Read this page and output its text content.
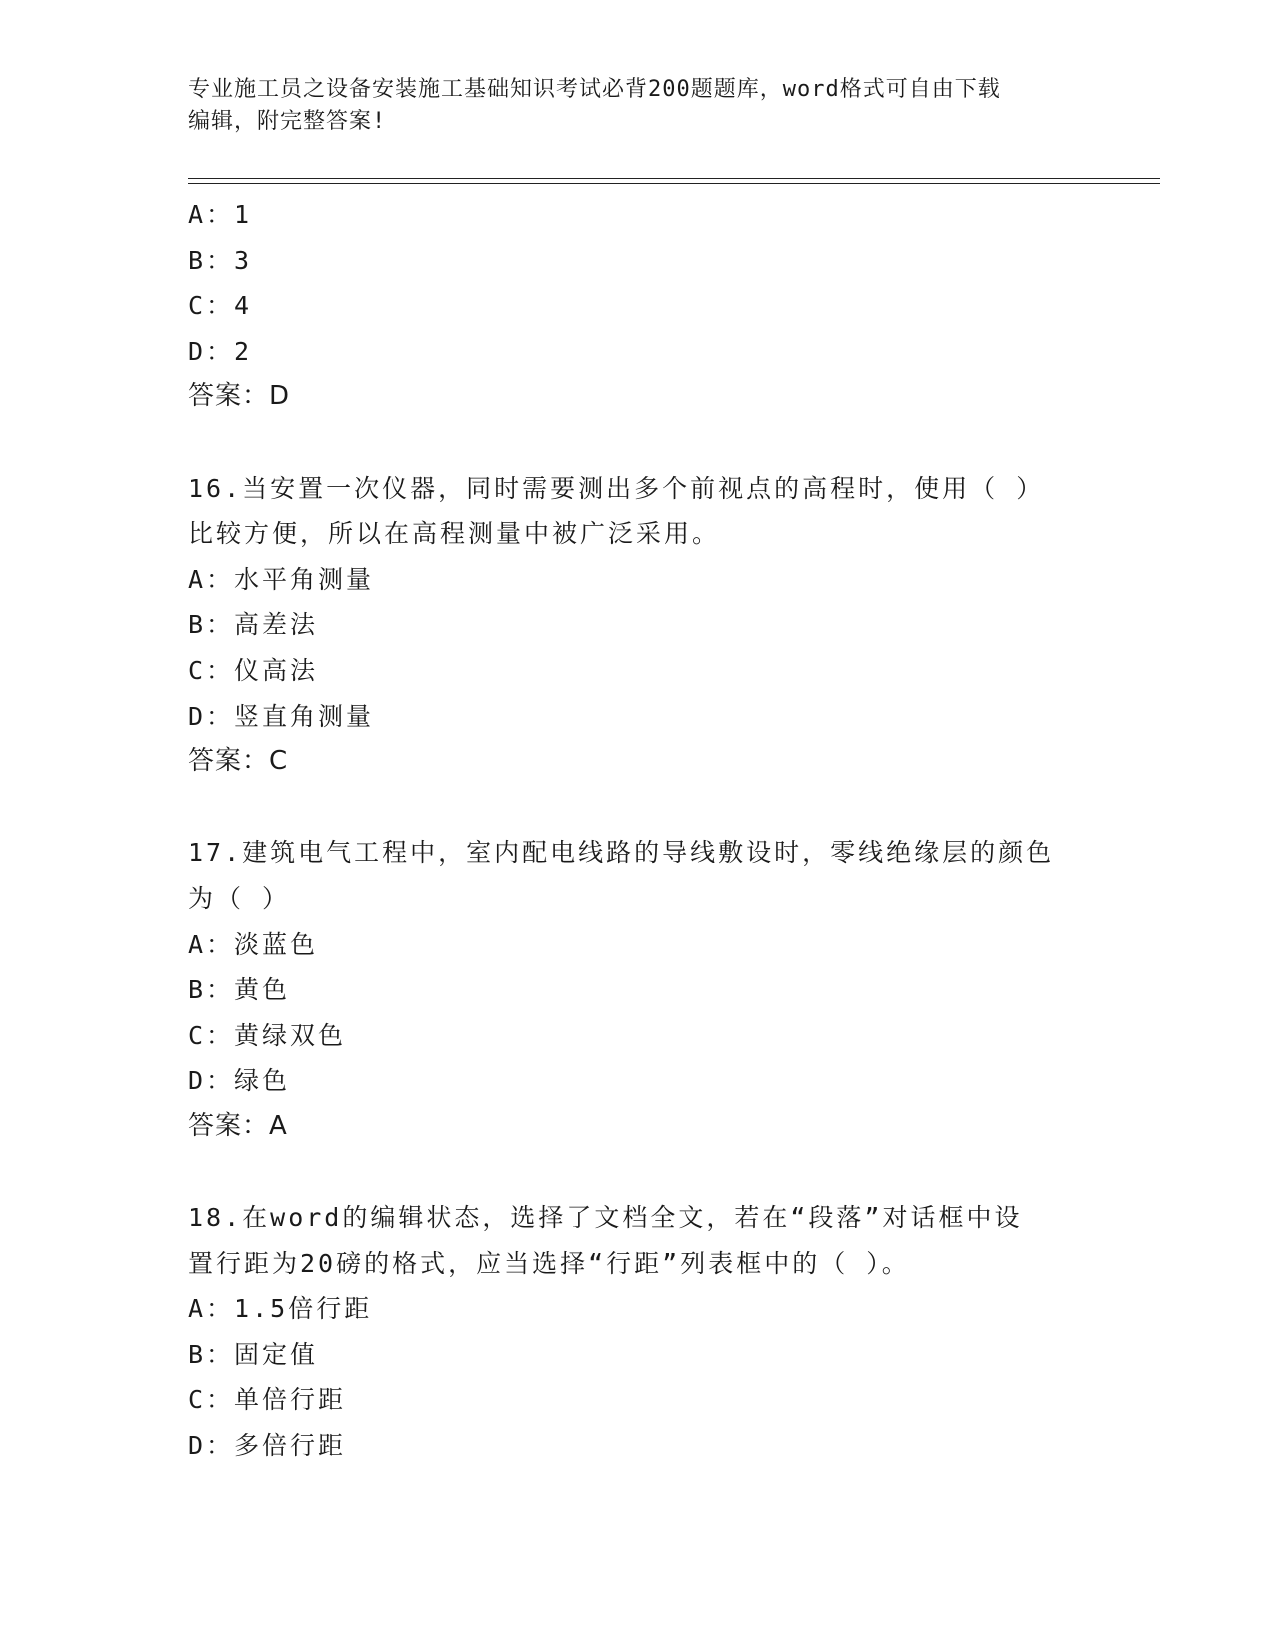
专业施工员之设备安装施工基础知识考试必背200题题库，word格式可自由下载
编辑，附完整答案!
A：1
B：3
C：4
D：2
答案：D
16.当安置一次仪器，同时需要测出多个前视点的高程时，使用（ ）
比较方便，所以在高程测量中被广泛采用。
A：水平角测量
B：高差法
C：仪高法
D：竖直角测量
答案：C
17.建筑电气工程中，室内配电线路的导线敷设时，零线绝缘层的颜色
为（ ）
A：淡蓝色
B：黄色
C：黄绿双色
D：绿色
答案：A
18.在word的编辑状态，选择了文档全文，若在“段落”对话框中设
置行距为20磅的格式，应当选择“行距”列表框中的（ ）。
A：1.5倍行距
B：固定值
C：单倍行距
D：多倍行距
